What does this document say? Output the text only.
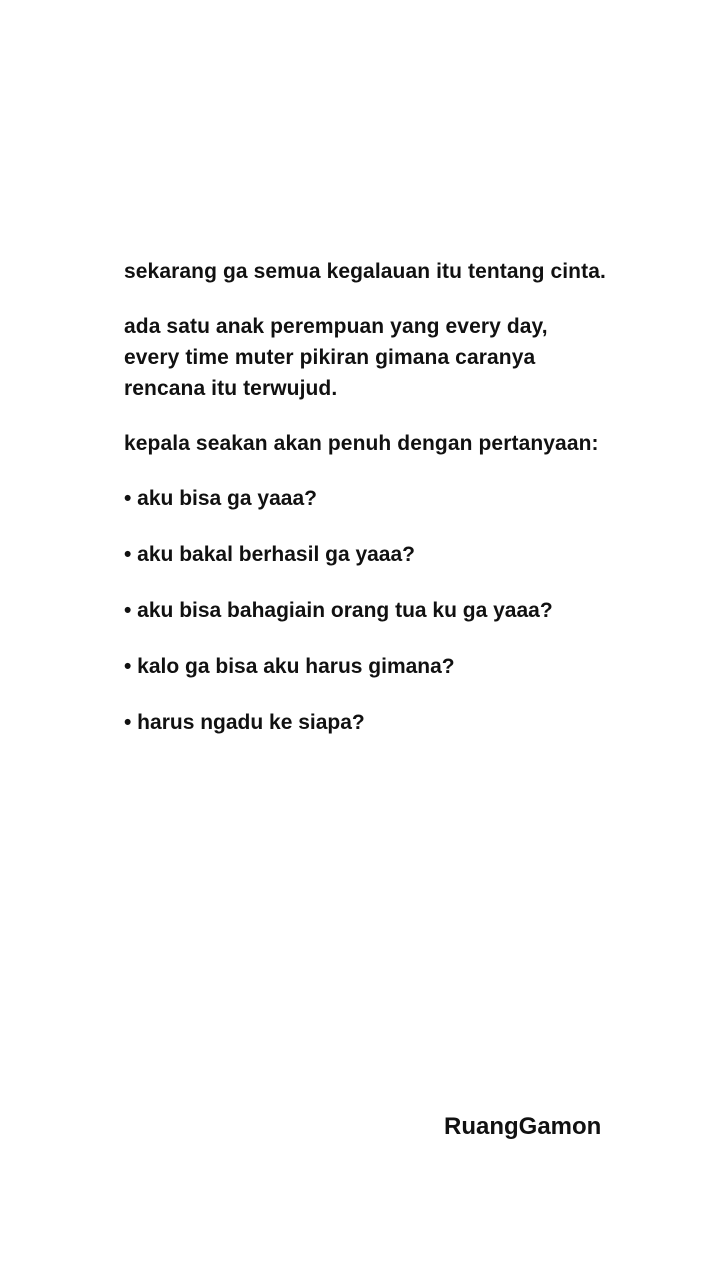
sekarang ga semua kegalauan itu tentang cinta.
ada satu anak perempuan yang every day,
every time muter pikiran gimana caranya
rencana itu terwujud.
kepala seakan akan penuh dengan pertanyaan:
• aku bisa ga yaaa?
• aku bakal berhasil ga yaaa?
• aku bisa bahagiain orang tua ku ga yaaa?
• kalo ga bisa aku harus gimana?
• harus ngadu ke siapa?
RuangGamon
